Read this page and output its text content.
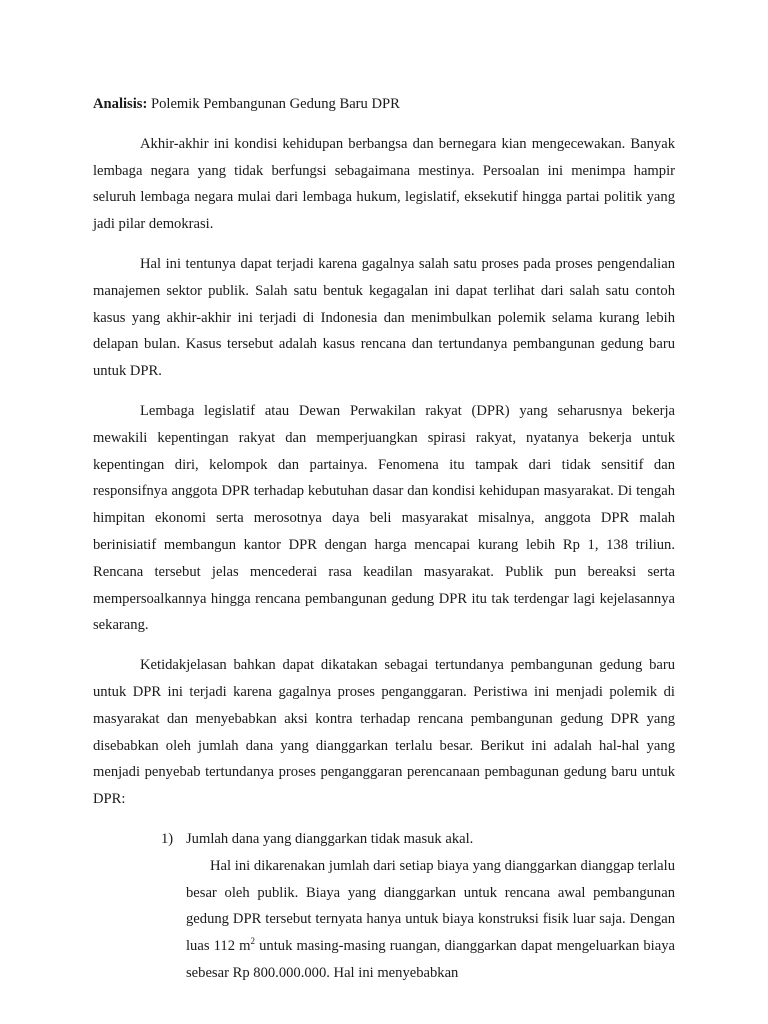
Analisis: Polemik Pembangunan Gedung Baru DPR

Akhir-akhir ini kondisi kehidupan berbangsa dan bernegara kian mengecewakan. Banyak lembaga negara yang tidak berfungsi sebagaimana mestinya. Persoalan ini menimpa hampir seluruh lembaga negara mulai dari lembaga hukum, legislatif, eksekutif hingga partai politik yang jadi pilar demokrasi.

Hal ini tentunya dapat terjadi karena gagalnya salah satu proses pada proses pengendalian manajemen sektor publik. Salah satu bentuk kegagalan ini dapat terlihat dari salah satu contoh kasus yang akhir-akhir ini terjadi di Indonesia dan menimbulkan polemik selama kurang lebih delapan bulan. Kasus tersebut adalah kasus rencana dan tertundanya pembangunan gedung baru untuk DPR.

Lembaga legislatif atau Dewan Perwakilan rakyat (DPR) yang seharusnya bekerja mewakili kepentingan rakyat dan memperjuangkan spirasi rakyat, nyatanya bekerja untuk kepentingan diri, kelompok dan partainya. Fenomena itu tampak dari tidak sensitif dan responsifnya anggota DPR terhadap kebutuhan dasar dan kondisi kehidupan masyarakat. Di tengah himpitan ekonomi serta merosotnya daya beli masyarakat misalnya, anggota DPR malah berinisiatif membangun kantor DPR dengan harga mencapai kurang lebih Rp 1, 138 triliun. Rencana tersebut jelas mencederai rasa keadilan masyarakat. Publik pun bereaksi serta mempersoalkannya hingga rencana pembangunan gedung DPR itu tak terdengar lagi kejelasannya sekarang.

Ketidakjelasan bahkan dapat dikatakan sebagai tertundanya pembangunan gedung baru untuk DPR ini terjadi karena gagalnya proses penganggaran. Peristiwa ini menjadi polemik di masyarakat dan menyebabkan aksi kontra terhadap rencana pembangunan gedung DPR yang disebabkan oleh jumlah dana yang dianggarkan terlalu besar. Berikut ini adalah hal-hal yang menjadi penyebab tertundanya proses penganggaran perencanaan pembagunan gedung baru untuk DPR:

1) Jumlah dana yang dianggarkan tidak masuk akal.

Hal ini dikarenakan jumlah dari setiap biaya yang dianggarkan dianggap terlalu besar oleh publik. Biaya yang dianggarkan untuk rencana awal pembangunan gedung DPR tersebut ternyata hanya untuk biaya konstruksi fisik luar saja. Dengan luas 112 $m^2$ untuk masing-masing ruangan, dianggarkan dapat mengeluarkan biaya sebesar Rp 800.000.000. Hal ini menyebabkan
